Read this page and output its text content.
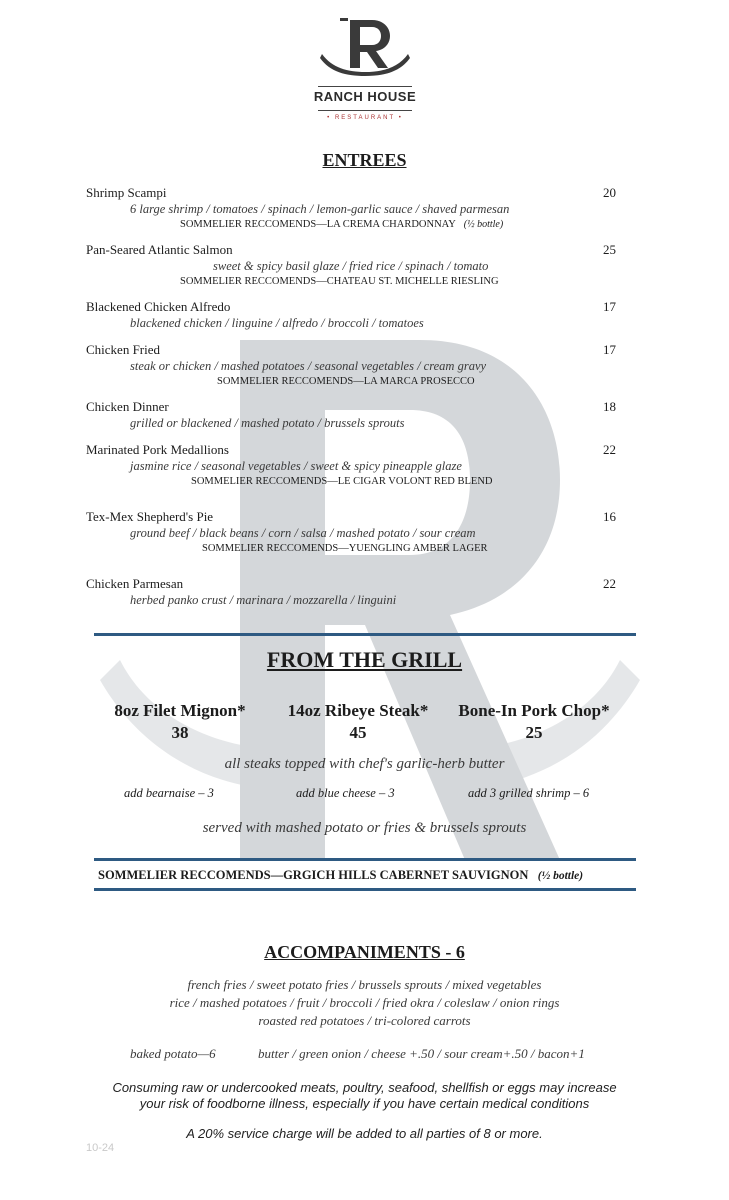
RANCH HOUSE
• RESTAURANT •
ENTREES
Shrimp Scampi	20
6 large shrimp / tomatoes / spinach / lemon-garlic sauce / shaved parmesan
SOMMELIER RECCOMENDS—LA CREMA CHARDONNAY (½ bottle)
Pan-Seared Atlantic Salmon	25
sweet & spicy basil glaze / fried rice / spinach / tomato
SOMMELIER RECCOMENDS—CHATEAU ST. MICHELLE RIESLING
Blackened Chicken Alfredo	17
blackened chicken / linguine / alfredo / broccoli / tomatoes
Chicken Fried	17
steak or chicken / mashed potatoes / seasonal vegetables / cream gravy
SOMMELIER RECCOMENDS—LA MARCA PROSECCO
Chicken Dinner	18
grilled or blackened / mashed potato / brussels sprouts
Marinated Pork Medallions	22
jasmine rice / seasonal vegetables / sweet & spicy pineapple glaze
SOMMELIER RECCOMENDS—LE CIGAR VOLONT RED BLEND
Tex-Mex Shepherd's Pie	16
ground beef / black beans / corn / salsa / mashed potato / sour cream
SOMMELIER RECCOMENDS—YUENGLING AMBER LAGER
Chicken Parmesan	22
herbed panko crust / marinara / mozzarella / linguini
FROM THE GRILL
8oz Filet Mignon*
38
14oz Ribeye Steak*
45
Bone-In Pork Chop*
25
all steaks topped with chef's garlic-herb butter
add bearnaise – 3	add blue cheese – 3	add 3 grilled shrimp – 6
served with mashed potato or fries & brussels sprouts
SOMMELIER RECCOMENDS—GRGICH HILLS CABERNET SAUVIGNON (½ bottle)
ACCOMPANIMENTS - 6
french fries / sweet potato fries / brussels sprouts / mixed vegetables
rice / mashed potatoes / fruit / broccoli / fried okra / coleslaw / onion rings
roasted red potatoes / tri-colored carrots
baked potato—6	butter / green onion / cheese +.50 / sour cream+.50 / bacon+1
Consuming raw or undercooked meats, poultry, seafood, shellfish or eggs may increase
your risk of foodborne illness, especially if you have certain medical conditions
A 20% service charge will be added to all parties of 8 or more.
10-24
